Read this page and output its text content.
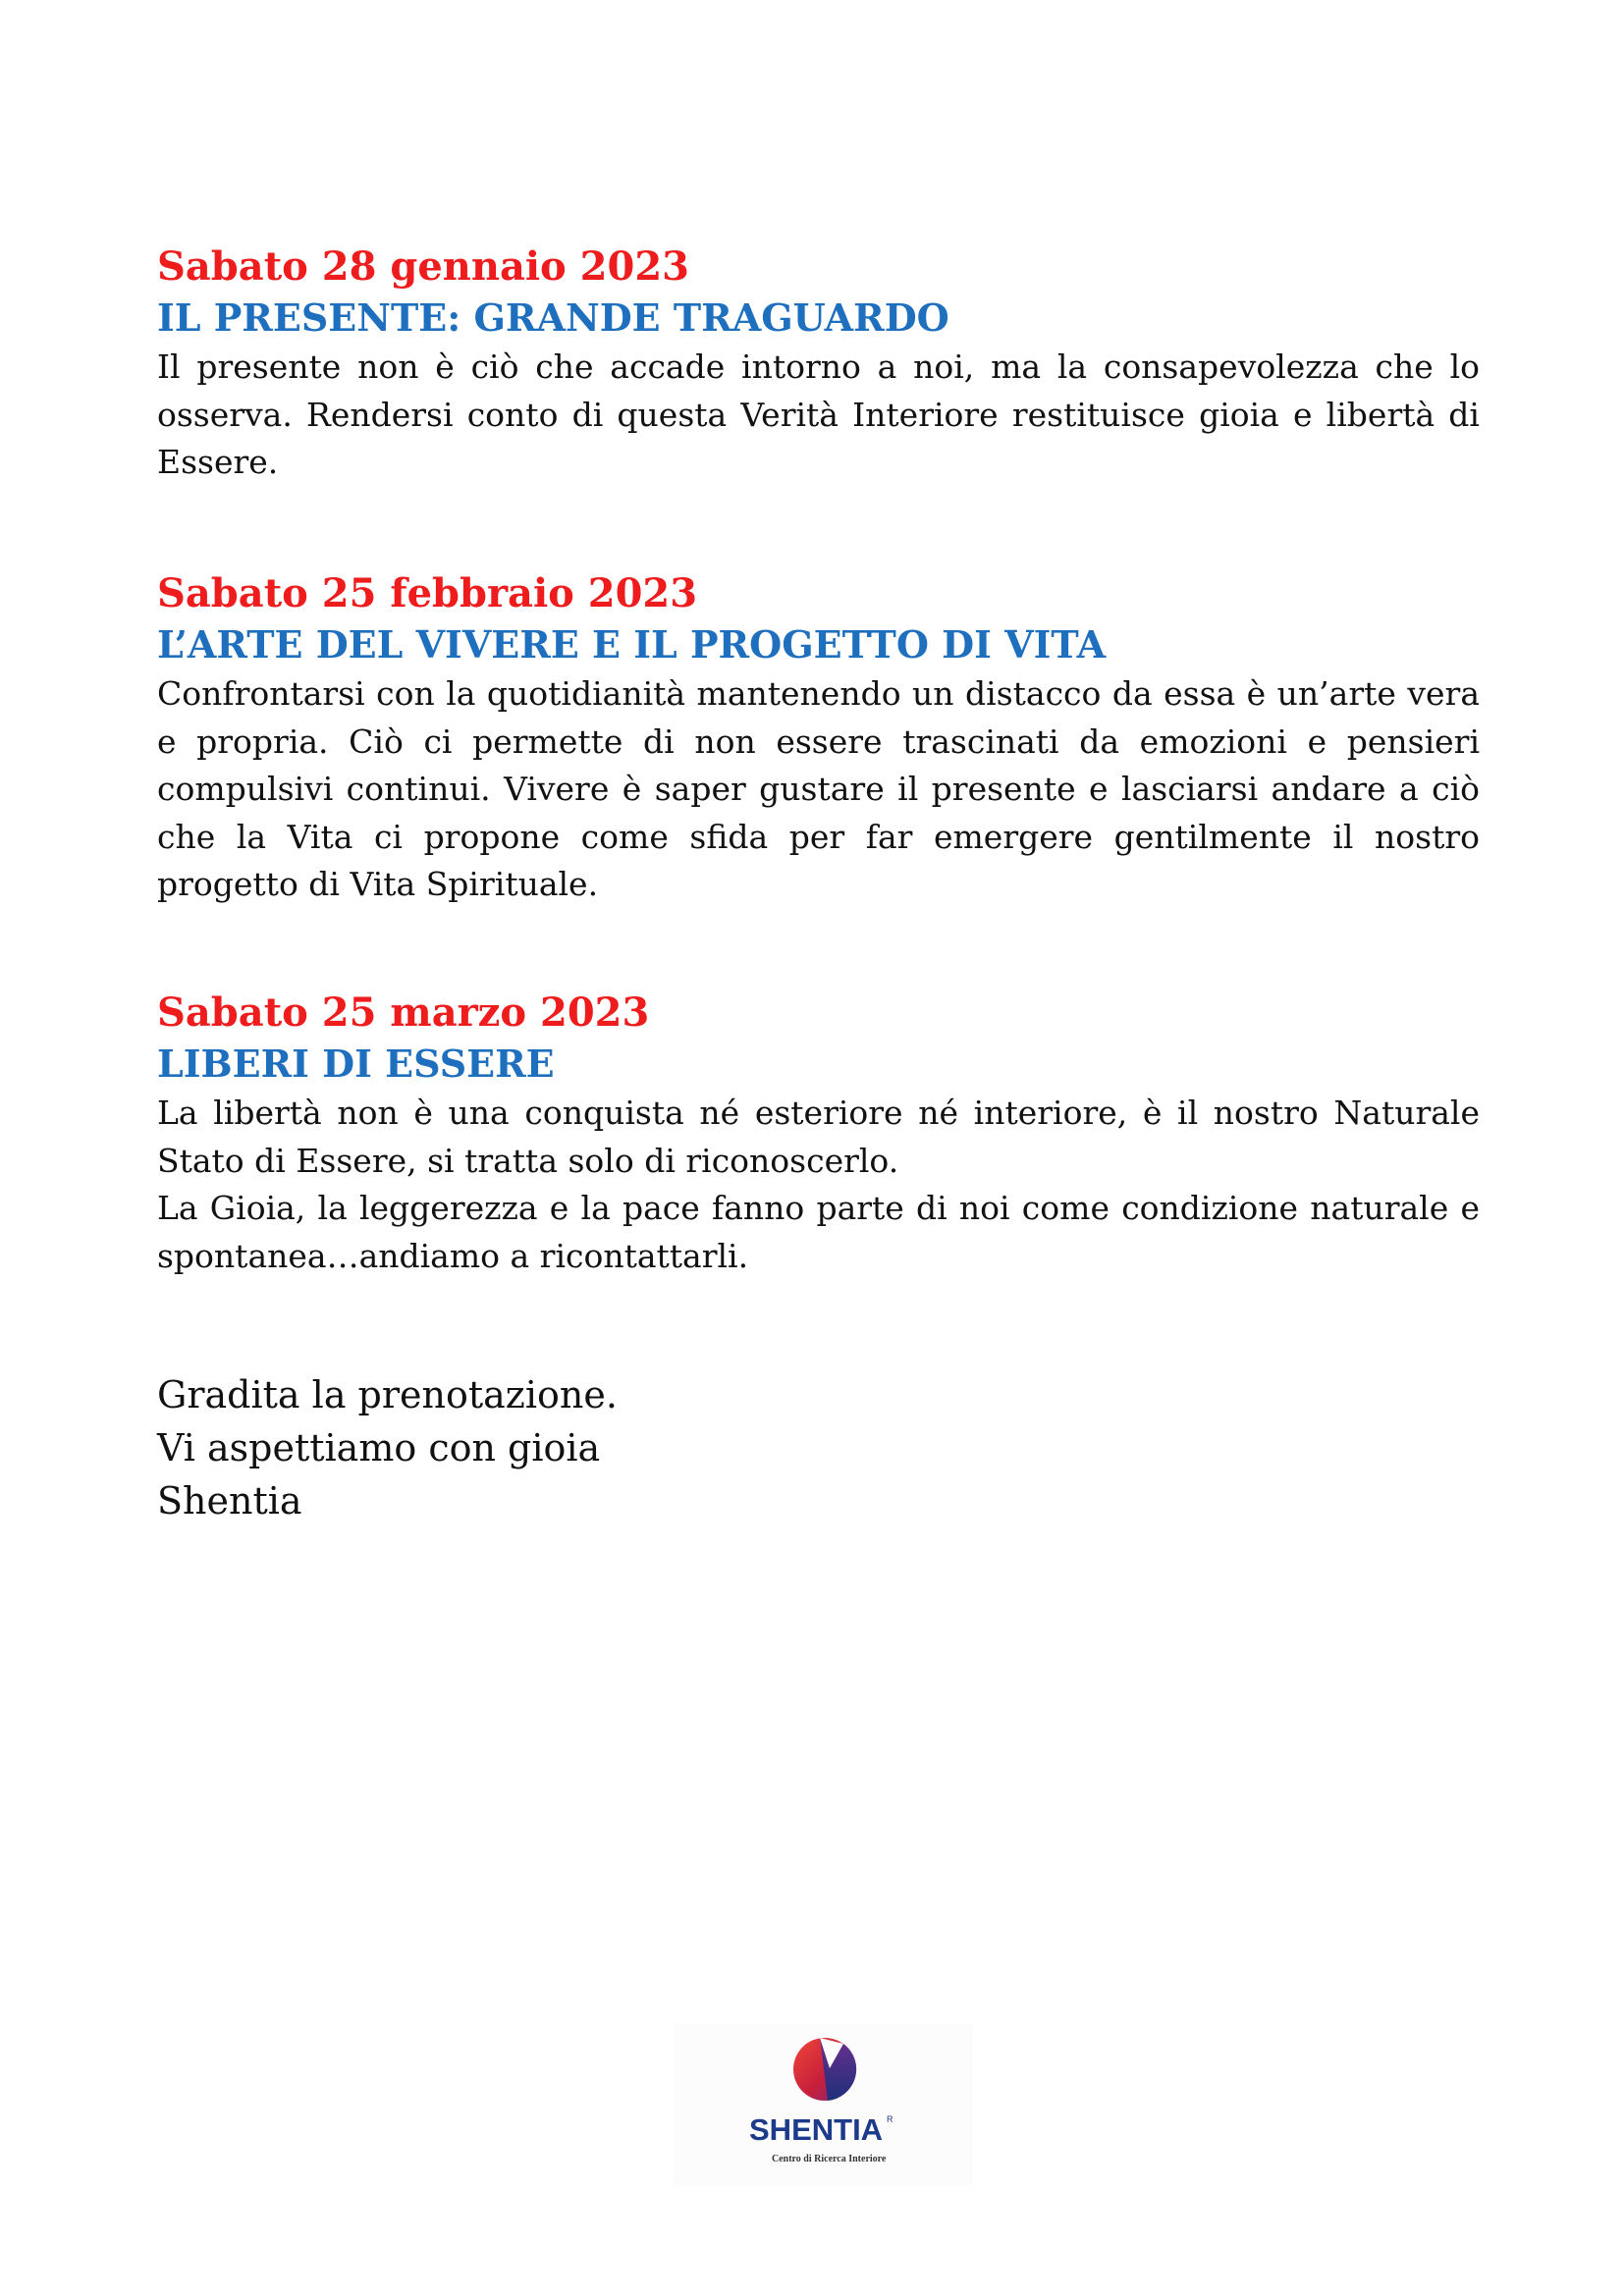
Sabato 28 gennaio 2023
IL PRESENTE: GRANDE TRAGUARDO

Il presente non è ciò che accade intorno a noi, ma la consapevolezza che lo osserva. Rendersi conto di questa Verità Interiore restituisce gioia e libertà di Essere.

Sabato 25 febbraio 2023
L’ARTE DEL VIVERE E IL PROGETTO DI VITA

Confrontarsi con la quotidianità mantenendo un distacco da essa è un’arte vera e propria. Ciò ci permette di non essere trascinati da emozioni e pensieri compulsivi continui. Vivere è saper gustare il presente e lasciarsi andare a ciò che la Vita ci propone come sfida per far emergere gentilmente il nostro progetto di Vita Spirituale.

Sabato 25 marzo 2023
LIBERI DI ESSERE

La libertà non è una conquista né esteriore né interiore, è il nostro Naturale Stato di Essere, si tratta solo di riconoscerlo.

La Gioia, la leggerezza e la pace fanno parte di noi come condizione naturale e spontanea…andiamo a ricontattarli.

Gradita la prenotazione.
Vi aspettiamo con gioia
Shentia
SHENTIA R
Centro di Ricerca Interiore
